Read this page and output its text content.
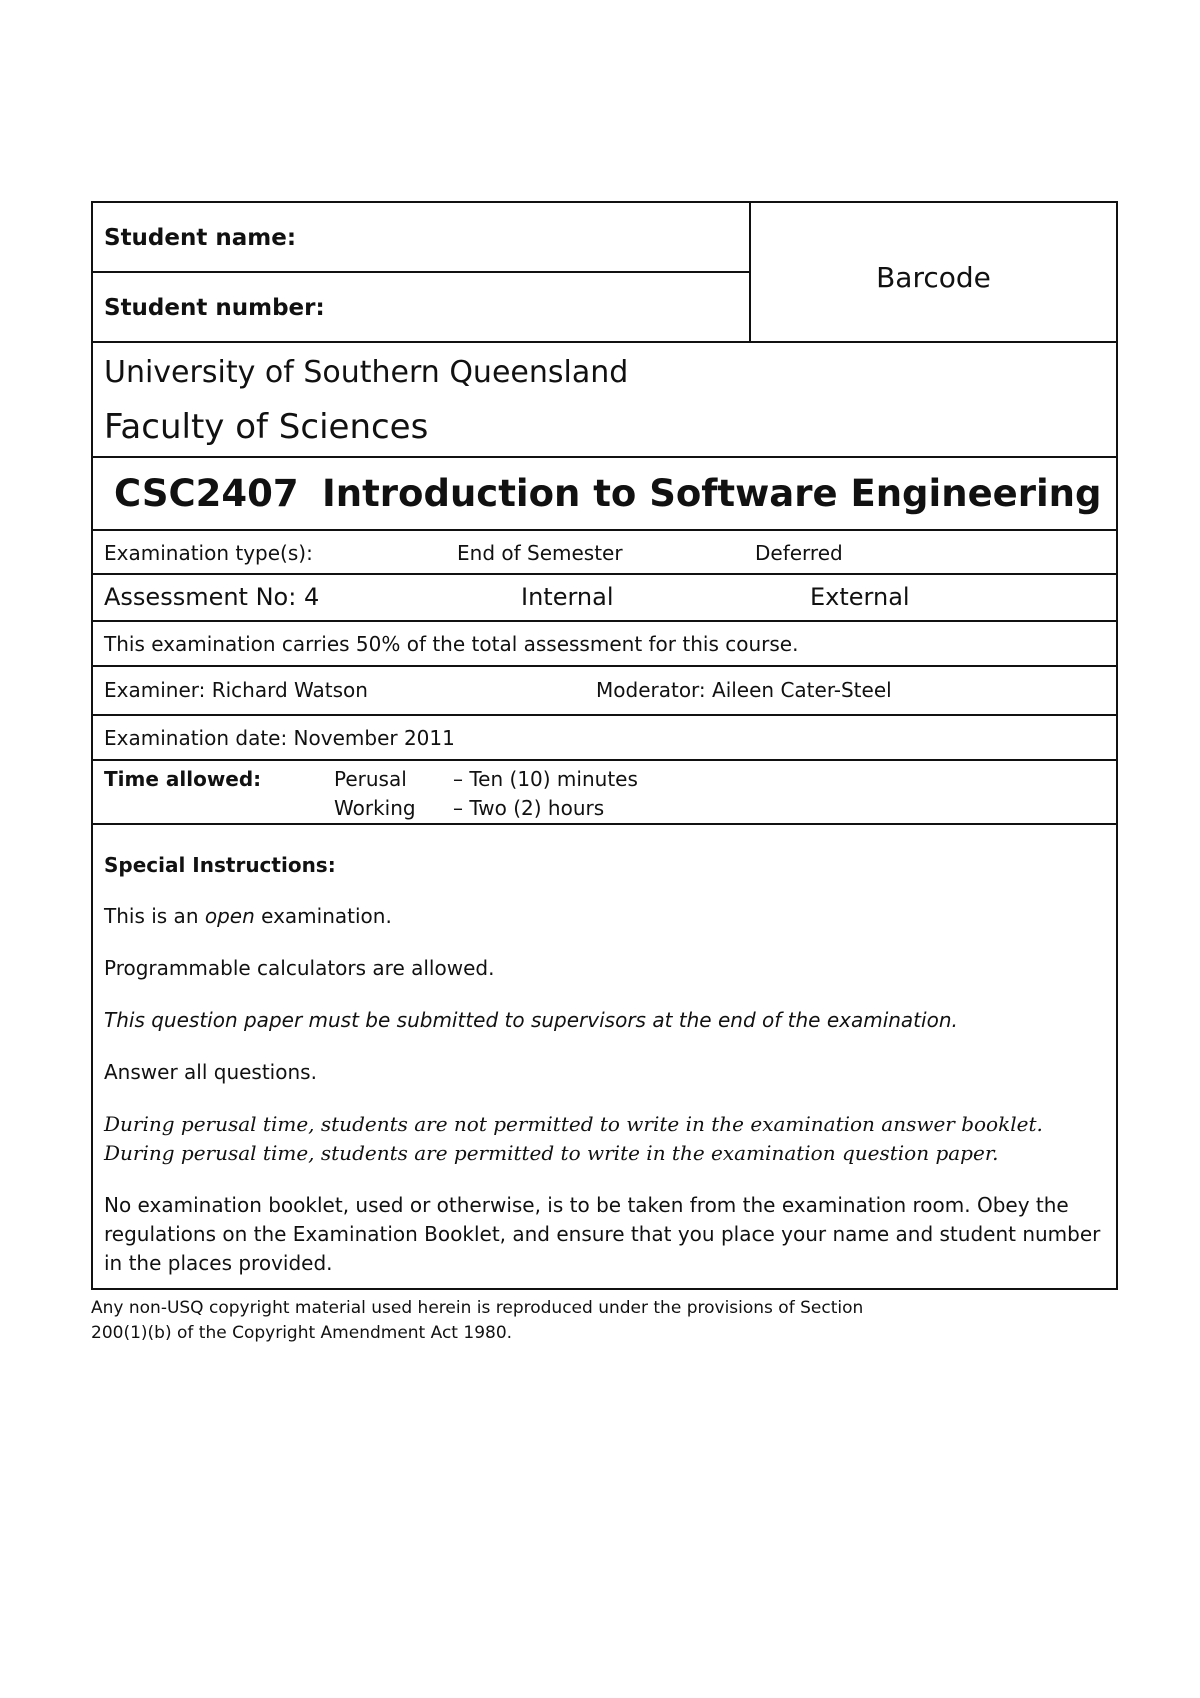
Student name:
Student number:
Barcode
University of Southern Queensland
Faculty of Sciences
CSC2407 Introduction to Software Engineering
Examination type(s):	End of Semester	Deferred
Assessment No: 4	Internal	External
This examination carries 50% of the total assessment for this course.
Examiner: Richard Watson	Moderator: Aileen Cater-Steel
Examination date: November 2011
Time allowed:	Perusal – Ten (10) minutes
Working – Two (2) hours

Special Instructions:

This is an open examination.

Programmable calculators are allowed.

This question paper must be submitted to supervisors at the end of the examination.

Answer all questions.

During perusal time, students are not permitted to write in the examination answer booklet.
During perusal time, students are permitted to write in the examination question paper.

No examination booklet, used or otherwise, is to be taken from the examination room. Obey the regulations on the Examination Booklet, and ensure that you place your name and student number in the places provided.

Any non-USQ copyright material used herein is reproduced under the provisions of Section
200(1)(b) of the Copyright Amendment Act 1980.
